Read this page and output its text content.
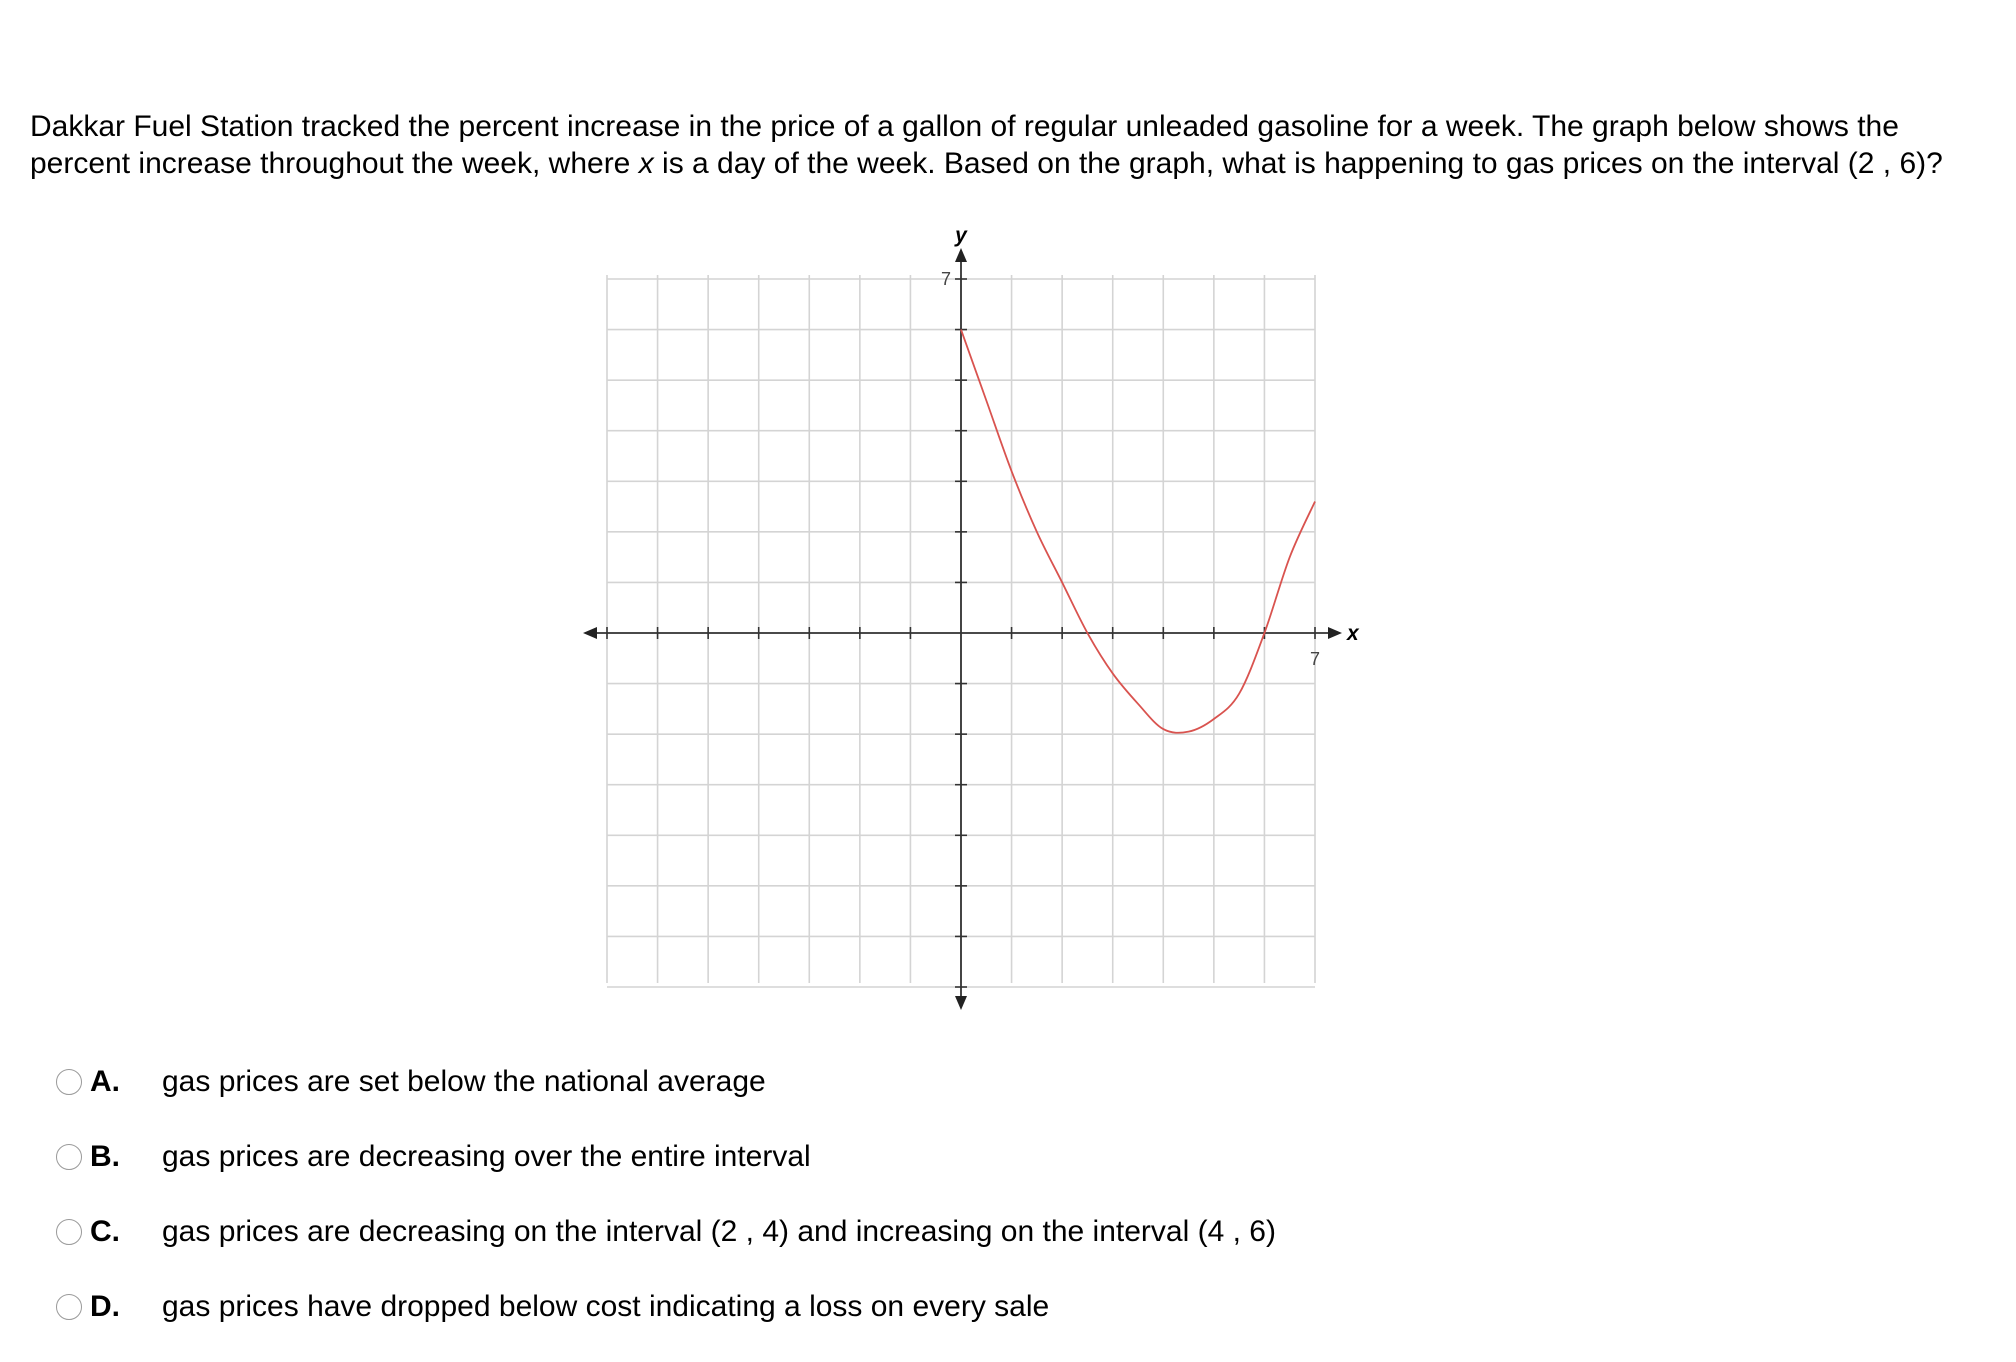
Dakkar Fuel Station tracked the percent increase in the price of a gallon of regular unleaded gasoline for a week. The graph below shows the percent increase throughout the week, where x is a day of the week. Based on the graph, what is happening to gas prices on the interval (2 , 6)?

y
x
7
7
A.	gas prices are set below the national average
B.	gas prices are decreasing over the entire interval
C.	gas prices are decreasing on the interval (2 , 4) and increasing on the interval (4 , 6)
D.	gas prices have dropped below cost indicating a loss on every sale
